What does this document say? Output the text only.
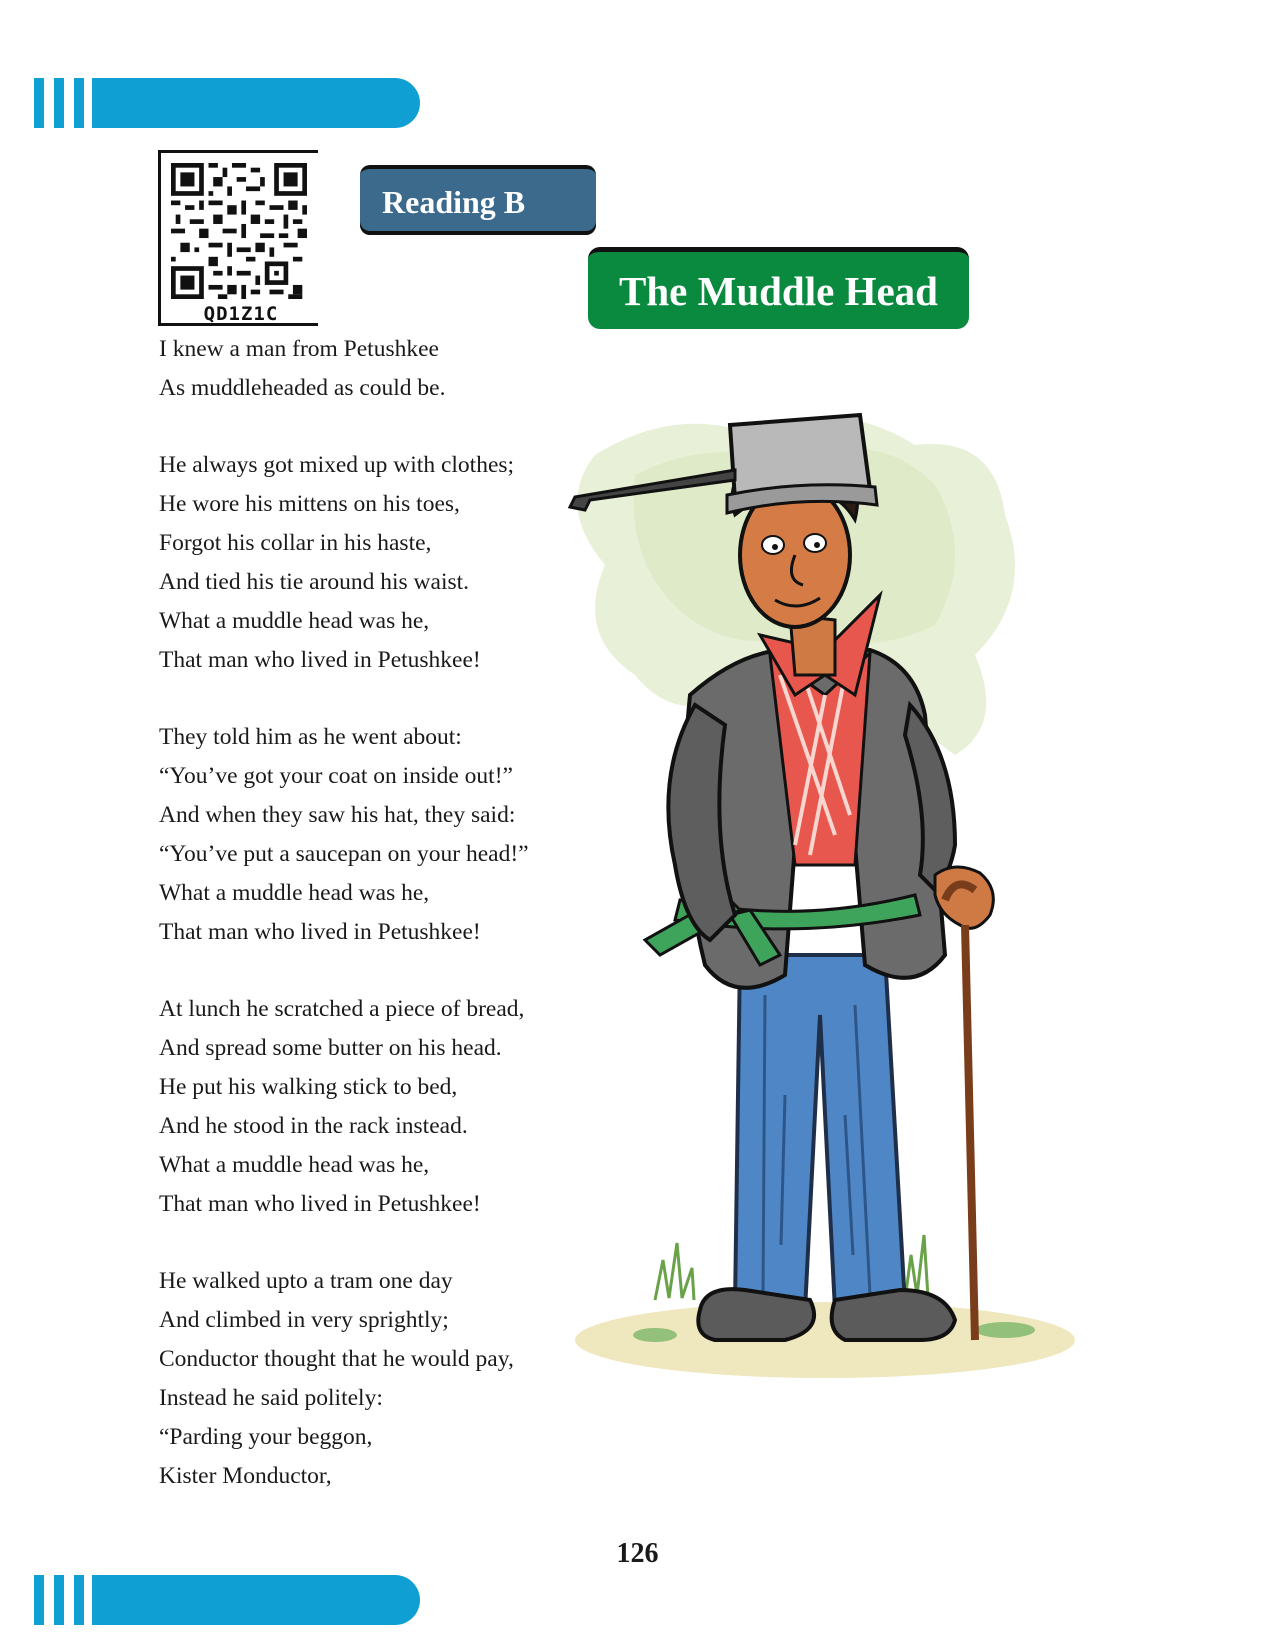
QD1Z1C
Reading B
The Muddle Head
I knew a man from Petushkee
As muddleheaded as could be.
He always got mixed up with clothes;
He wore his mittens on his toes,
Forgot his collar in his haste,
And tied his tie around his waist.
What a muddle head was he,
That man who lived in Petushkee!
They told him as he went about:
“You’ve got your coat on inside out!”
And when they saw his hat, they said:
“You’ve put a saucepan on your head!”
What a muddle head was he,
That man who lived in Petushkee!
At lunch he scratched a piece of bread,
And spread some butter on his head.
He put his walking stick to bed,
And he stood in the rack instead.
What a muddle head was he,
That man who lived in Petushkee!
He walked upto a tram one day
And climbed in very sprightly;
Conductor thought that he would pay,
Instead he said politely:
“Parding your beggon,
Kister Monductor,
126
